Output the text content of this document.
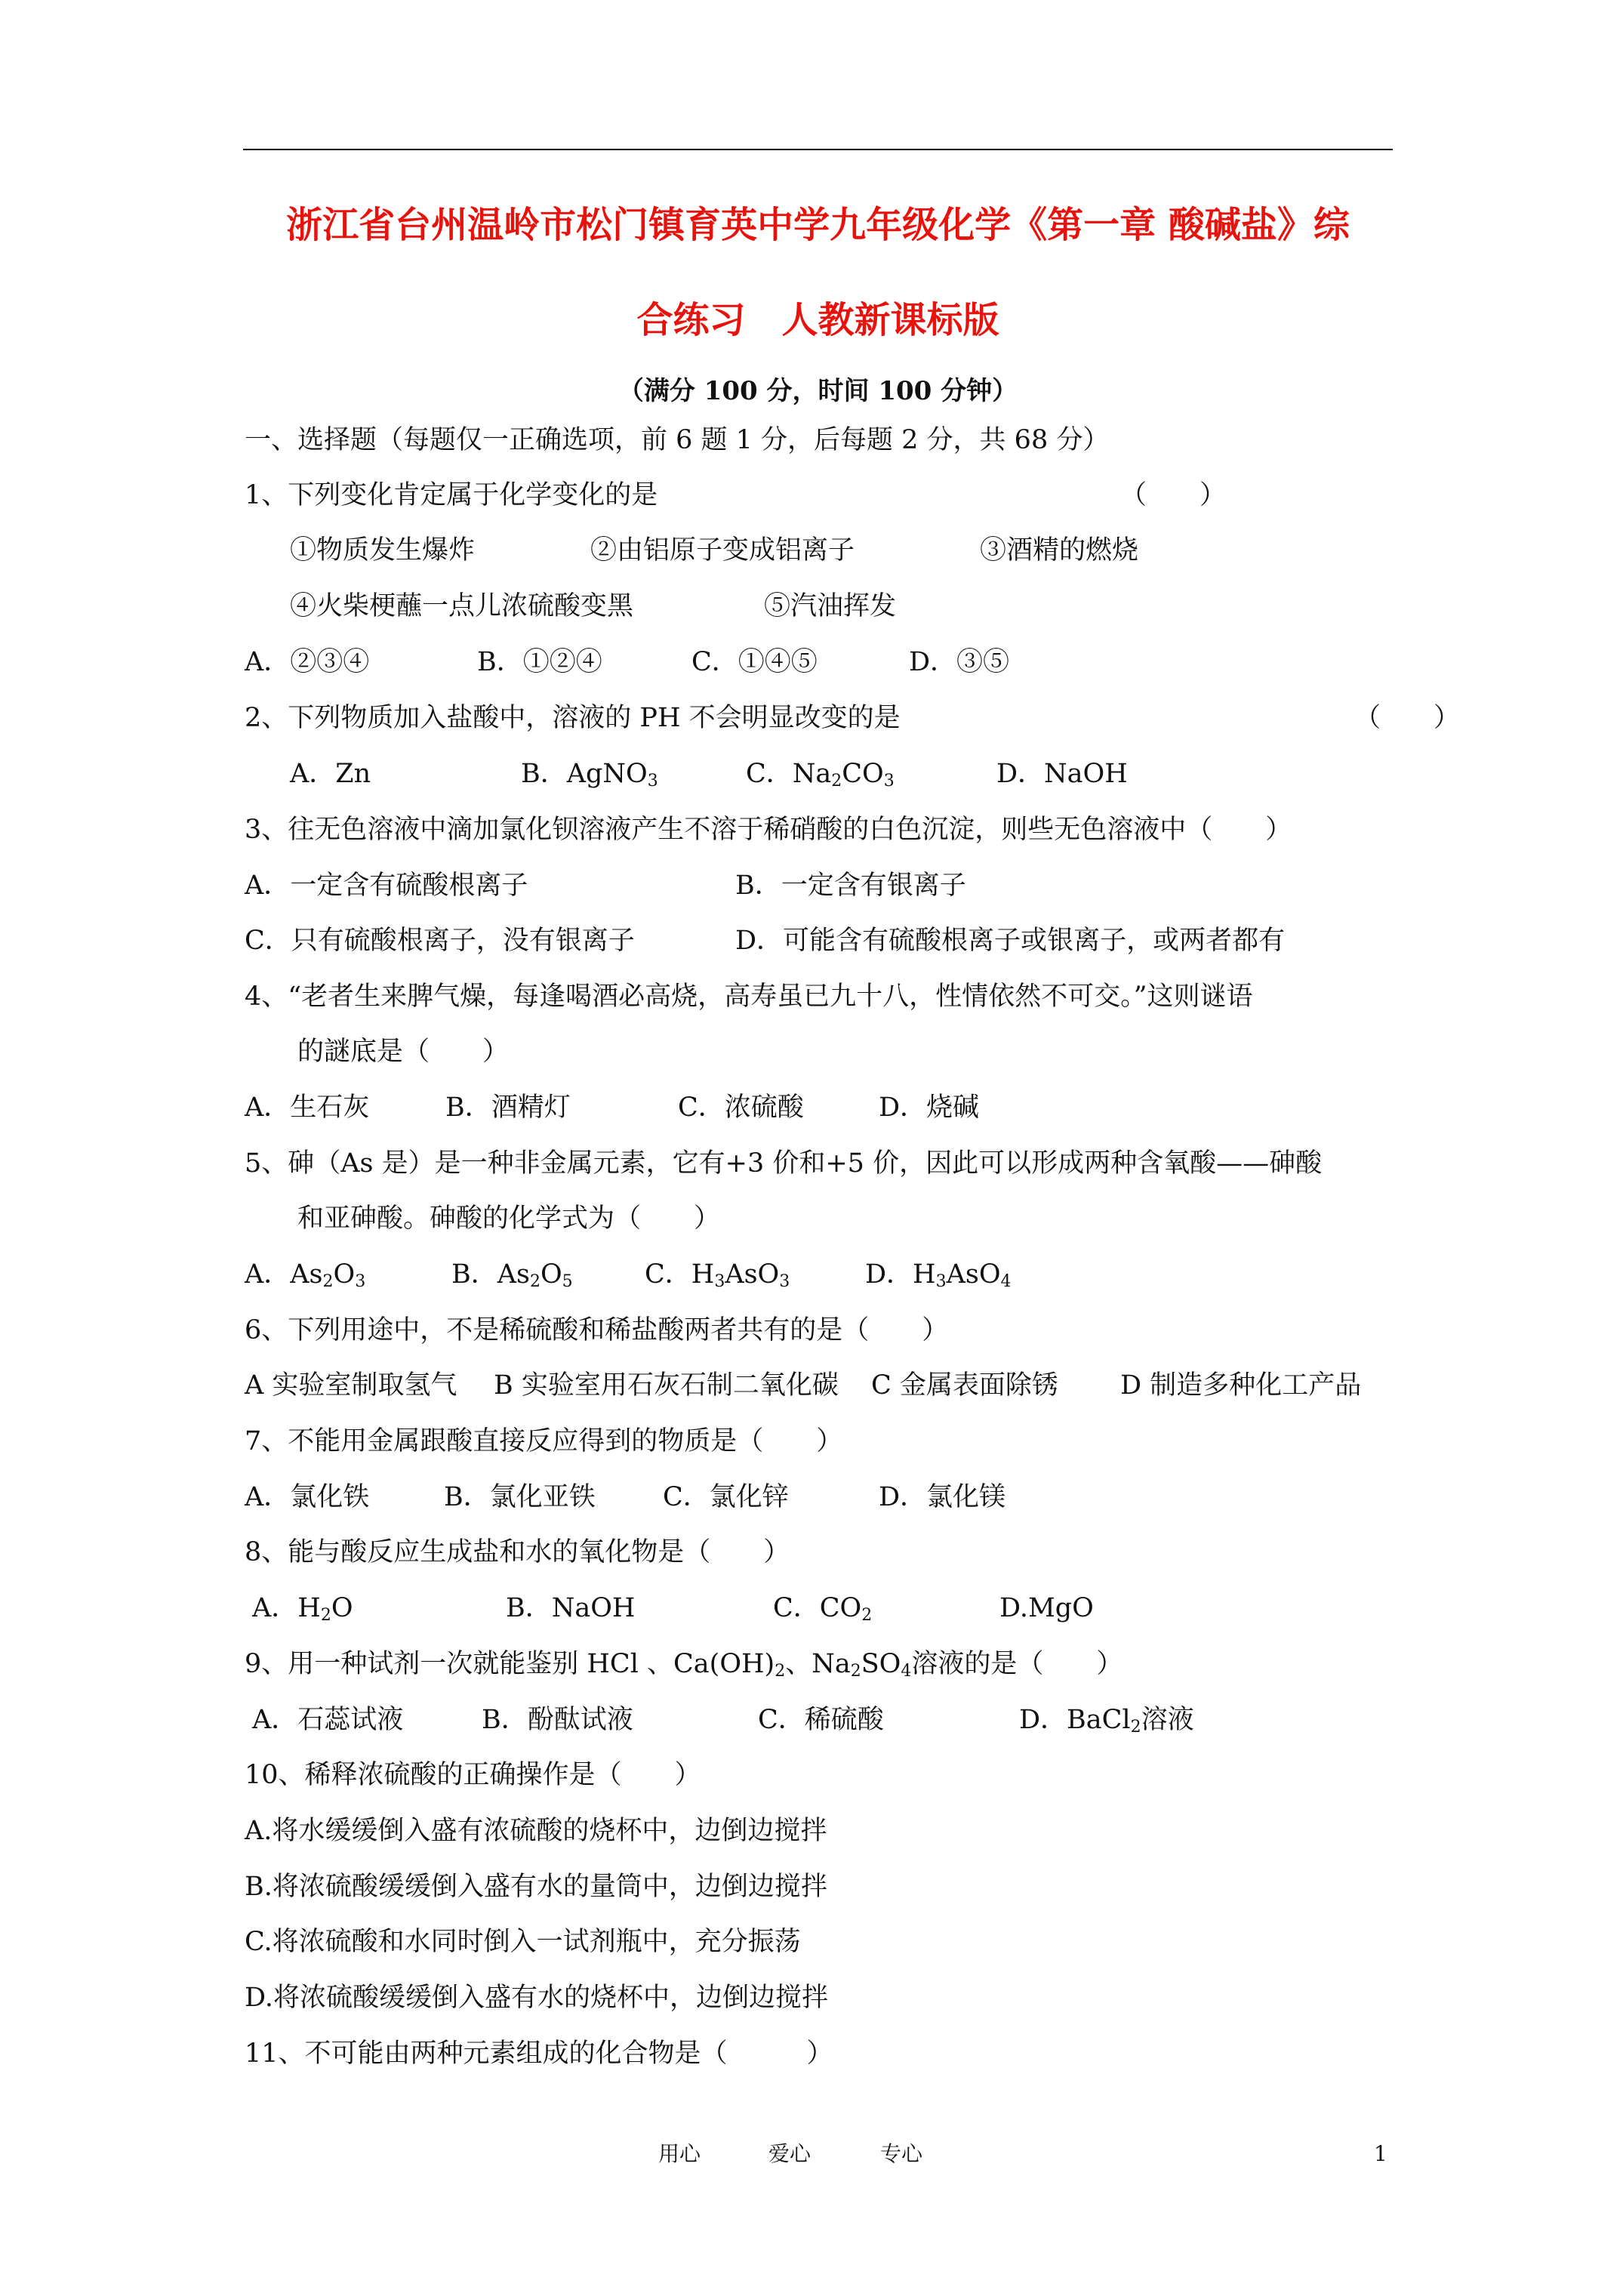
浙江省台州温岭市松门镇育英中学九年级化学《第一章 酸碱盐》综
合练习　人教新课标版
（满分 100 分，时间 100 分钟）
一、选择题（每题仅一正确选项，前 6 题 1 分，后每题 2 分，共 68 分）
1、下列变化肯定属于化学变化的是	（　　）
①物质发生爆炸	②由铝原子变成铝离子	③酒精的燃烧
④火柴梗蘸一点儿浓硫酸变黑	⑤汽油挥发
A．②③④	B．①②④	C．①④⑤	D．③⑤
2、下列物质加入盐酸中，溶液的 PH 不会明显改变的是	（　　）
A．Zn	B．AgNO$_3$	C．$Na_2CO_3$	D．NaOH
3、往无色溶液中滴加氯化钡溶液产生不溶于稀硝酸的白色沉淀，则些无色溶液中（　　）
A．一定含有硫酸根离子	B．一定含有银离子
C．只有硫酸根离子，没有银离子	D．可能含有硫酸根离子或银离子，或两者都有
4、“老者生来脾气燥，每逢喝酒必高烧，高寿虽已九十八，性情依然不可交。”这则谜语
的謎底是（　　）
A．生石灰	B．酒精灯	C．浓硫酸	D．烧碱
5、砷（As 是）是一种非金属元素，它有+3 价和+5 价，因此可以形成两种含氧酸——砷酸
和亚砷酸。砷酸的化学式为（　　）
A．$As_2O_3$	B．$As_2O_5$	C．$H_3AsO_3$	D．$H_3AsO_4$
6、下列用途中，不是稀硫酸和稀盐酸两者共有的是（　　）
A 实验室制取氢气 B 实验室用石灰石制二氧化碳 C 金属表面除锈 D 制造多种化工产品
7、不能用金属跟酸直接反应得到的物质是（　　）
A．氯化铁	B．氯化亚铁	C．氯化锌	D．氯化镁
8、能与酸反应生成盐和水的氧化物是（　　）
A．$H_2O$	B．NaOH	C．$CO_2$	D.MgO
9、用一种试剂一次就能鉴别 HCl 、$Ca(OH)_2$、$Na_2SO_4$溶液的是（　　）
A．石蕊试液	B．酚酞试液	C．稀硫酸	D．BaCl$_2$溶液
10、稀释浓硫酸的正确操作是（　　）
A.将水缓缓倒入盛有浓硫酸的烧杯中，边倒边搅拌
B.将浓硫酸缓缓倒入盛有水的量筒中，边倒边搅拌
C.将浓硫酸和水同时倒入一试剂瓶中，充分振荡
D.将浓硫酸缓缓倒入盛有水的烧杯中，边倒边搅拌
11、不可能由两种元素组成的化合物是（　　　）
用心	爱心	专心	1
